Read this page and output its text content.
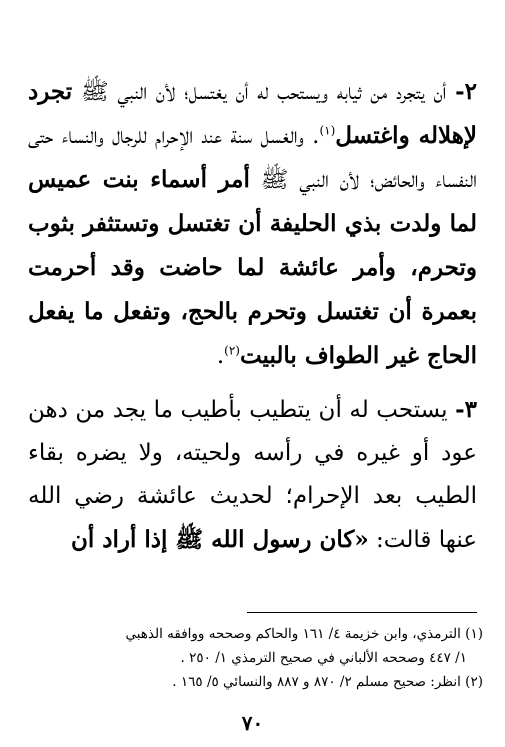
٢- أن يتجرد من ثيابه ويستحب له أن يغتسل؛ لأن النبي ﷺ تجرد لإهلاله واغتسل$^{(١)}$. والغسل سنة عند الإحرام للرجال والنساء حتى النفساء والحائض؛ لأن النبي ﷺ أمر أسماء بنت عميس لما ولدت بذي الحليفة أن تغتسل وتستثفر بثوب وتحرم، وأمر عائشة لما حاضت وقد أحرمت بعمرة أن تغتسل وتحرم بالحج، وتفعل ما يفعل الحاج غير الطواف بالبيت$^{(٢)}$.

٣- يستحب له أن يتطيب بأطيب ما يجد من دهن عود أو غيره في رأسه ولحيته، ولا يضره بقاء الطيب بعد الإحرام؛ لحديث عائشة رضي الله عنها قالت: «كان رسول الله ﷺ إذا أراد أن

(١) الترمذي، وابن خزيمة ٤/ ١٦١ والحاكم وصححه ووافقه الذهبي
١/ ٤٤٧ وصححه الألباني في صحيح الترمذي ١/ ٢٥٠ .
(٢) انظر: صحيح مسلم ٢/ ٨٧٠ و ٨٨٧ والنسائي ٥/ ١٦٥ .
٧٠
